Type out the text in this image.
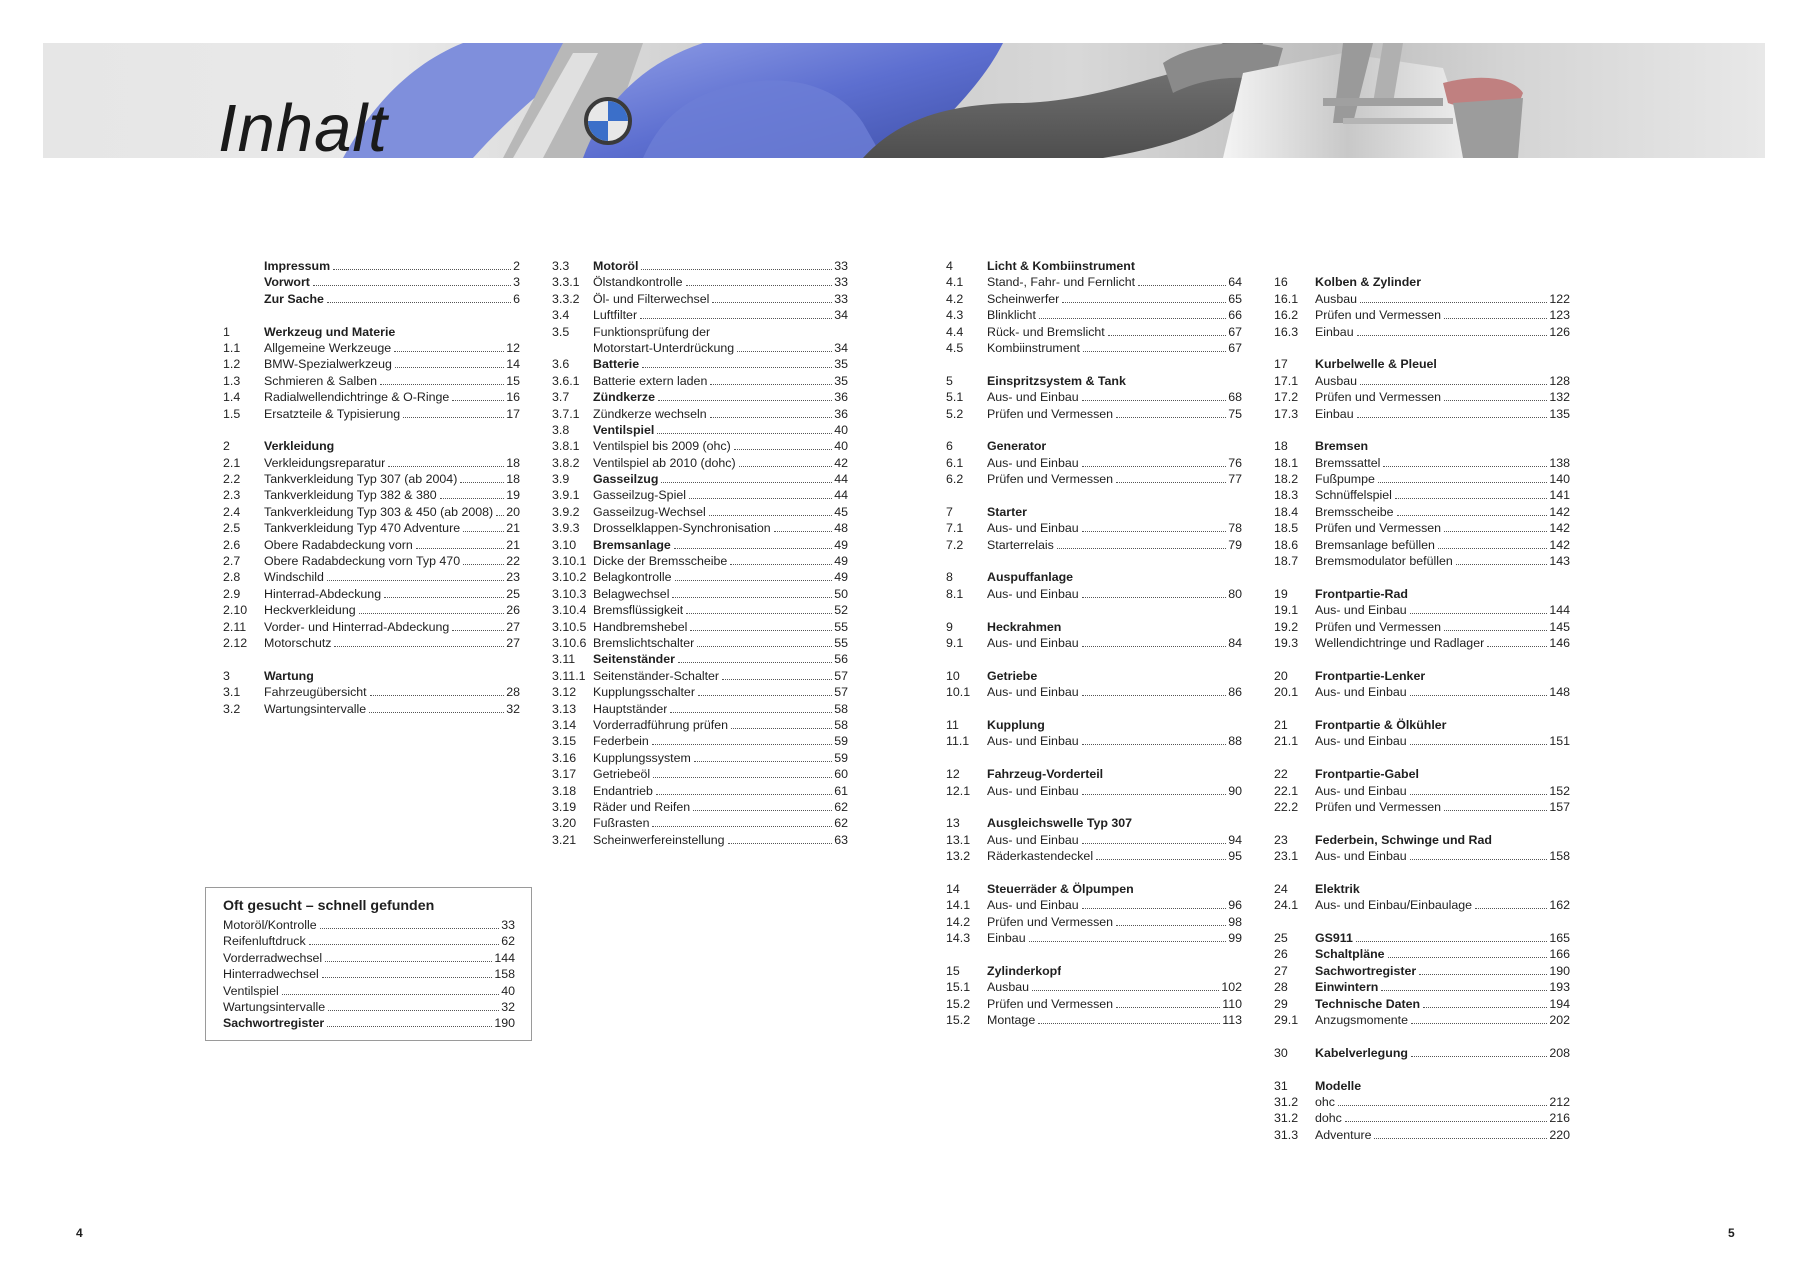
Inhalt
Impressum	2
Vorwort	3
Zur Sache	6
1	Werkzeug und Materie
1.1	Allgemeine Werkzeuge	12
1.2	BMW-Spezialwerkzeug	14
1.3	Schmieren & Salben	15
1.4	Radialwellendichtringe & O-Ringe	16
1.5	Ersatzteile & Typisierung	17
2	Verkleidung
2.1	Verkleidungsreparatur	18
2.2	Tankverkleidung Typ 307 (ab 2004)	18
2.3	Tankverkleidung Typ 382 & 380	19
2.4	Tankverkleidung Typ 303 & 450 (ab 2008) 20
2.5	Tankverkleidung Typ 470 Adventure	21
2.6	Obere Radabdeckung vorn	21
2.7	Obere Radabdeckung vorn Typ 470	22
2.8	Windschild	23
2.9	Hinterrad-Abdeckung	25
2.10	Heckverkleidung	26
2.11	Vorder- und Hinterrad-Abdeckung	27
2.12	Motorschutz	27
3	Wartung
3.1	Fahrzeugübersicht	28
3.2	Wartungsintervalle	32
3.3	Motoröl	33
3.3.1	Ölstandkontrolle	33
3.3.2	Öl- und Filterwechsel	33
3.4	Luftfilter	34
3.5	Funktionsprüfung der
Motorstart-Unterdrückung	34
3.6	Batterie	35
3.6.1	Batterie extern laden	35
3.7	Zündkerze	36
3.7.1	Zündkerze wechseln	36
3.8	Ventilspiel	40
3.8.1	Ventilspiel bis 2009 (ohc)	40
3.8.2	Ventilspiel ab 2010 (dohc)	42
3.9	Gasseilzug	44
3.9.1	Gasseilzug-Spiel	44
3.9.2	Gasseilzug-Wechsel	45
3.9.3	Drosselklappen-Synchronisation	48
3.10	Bremsanlage	49
3.10.1 Dicke der Bremsscheibe	49
3.10.2 Belagkontrolle	49
3.10.3 Belagwechsel	50
3.10.4 Bremsflüssigkeit	52
3.10.5 Handbremshebel	55
3.10.6 Bremslichtschalter	55
3.11	Seitenständer	56
3.11.1 Seitenständer-Schalter	57
3.12	Kupplungsschalter	57
3.13	Hauptständer	58
3.14	Vorderradführung prüfen	58
3.15	Federbein	59
3.16	Kupplungssystem	59
3.17	Getriebeöl	60
3.18	Endantrieb	61
3.19	Räder und Reifen	62
3.20	Fußrasten	62
3.21	Scheinwerfereinstellung	63
4	Licht & Kombiinstrument
4.1	Stand-, Fahr- und Fernlicht	64
4.2	Scheinwerfer	65
4.3	Blinklicht	66
4.4	Rück- und Bremslicht	67
4.5	Kombiinstrument	67
5	Einspritzsystem & Tank
5.1	Aus- und Einbau	68
5.2	Prüfen und Vermessen	75
6	Generator
6.1	Aus- und Einbau	76
6.2	Prüfen und Vermessen	77
7	Starter
7.1	Aus- und Einbau	78
7.2	Starterrelais	79
8	Auspuffanlage
8.1	Aus- und Einbau	80
9	Heckrahmen
9.1	Aus- und Einbau	84
10	Getriebe
10.1	Aus- und Einbau	86
11	Kupplung
11.1	Aus- und Einbau	88
12	Fahrzeug-Vorderteil
12.1	Aus- und Einbau	90
13	Ausgleichswelle Typ 307
13.1	Aus- und Einbau	94
13.2	Räderkastendeckel	95
14	Steuerräder & Ölpumpen
14.1	Aus- und Einbau	96
14.2	Prüfen und Vermessen	98
14.3	Einbau	99
15	Zylinderkopf
15.1	Ausbau	102
15.2	Prüfen und Vermessen	110
15.2	Montage	113
16	Kolben & Zylinder
16.1	Ausbau	122
16.2	Prüfen und Vermessen	123
16.3	Einbau	126
17	Kurbelwelle & Pleuel
17.1	Ausbau	128
17.2	Prüfen und Vermessen	132
17.3	Einbau	135
18	Bremsen
18.1	Bremssattel	138
18.2	Fußpumpe	140
18.3	Schnüffelspiel	141
18.4	Bremsscheibe	142
18.5	Prüfen und Vermessen	142
18.6	Bremsanlage befüllen	142
18.7	Bremsmodulator befüllen	143
19	Frontpartie-Rad
19.1	Aus- und Einbau	144
19.2	Prüfen und Vermessen	145
19.3	Wellendichtringe und Radlager	146
20	Frontpartie-Lenker
20.1	Aus- und Einbau	148
21	Frontpartie & Ölkühler
21.1	Aus- und Einbau	151
22	Frontpartie-Gabel
22.1	Aus- und Einbau	152
22.2	Prüfen und Vermessen	157
23	Federbein, Schwinge und Rad
23.1	Aus- und Einbau	158
24	Elektrik
24.1	Aus- und Einbau/Einbaulage	162
25	GS911	165
26	Schaltpläne	166
27	Sachwortregister	190
28	Einwintern	193
29	Technische Daten	194
29.1	Anzugsmomente	202
30	Kabelverlegung	208
31	Modelle
31.2	ohc	212
31.2	dohc	216
31.3	Adventure	220
Oft gesucht – schnell gefunden
Motoröl/Kontrolle	33
Reifenluftdruck	62
Vorderradwechsel	144
Hinterradwechsel	158
Ventilspiel	40
Wartungsintervalle	32
Sachwortregister	190
4	5
